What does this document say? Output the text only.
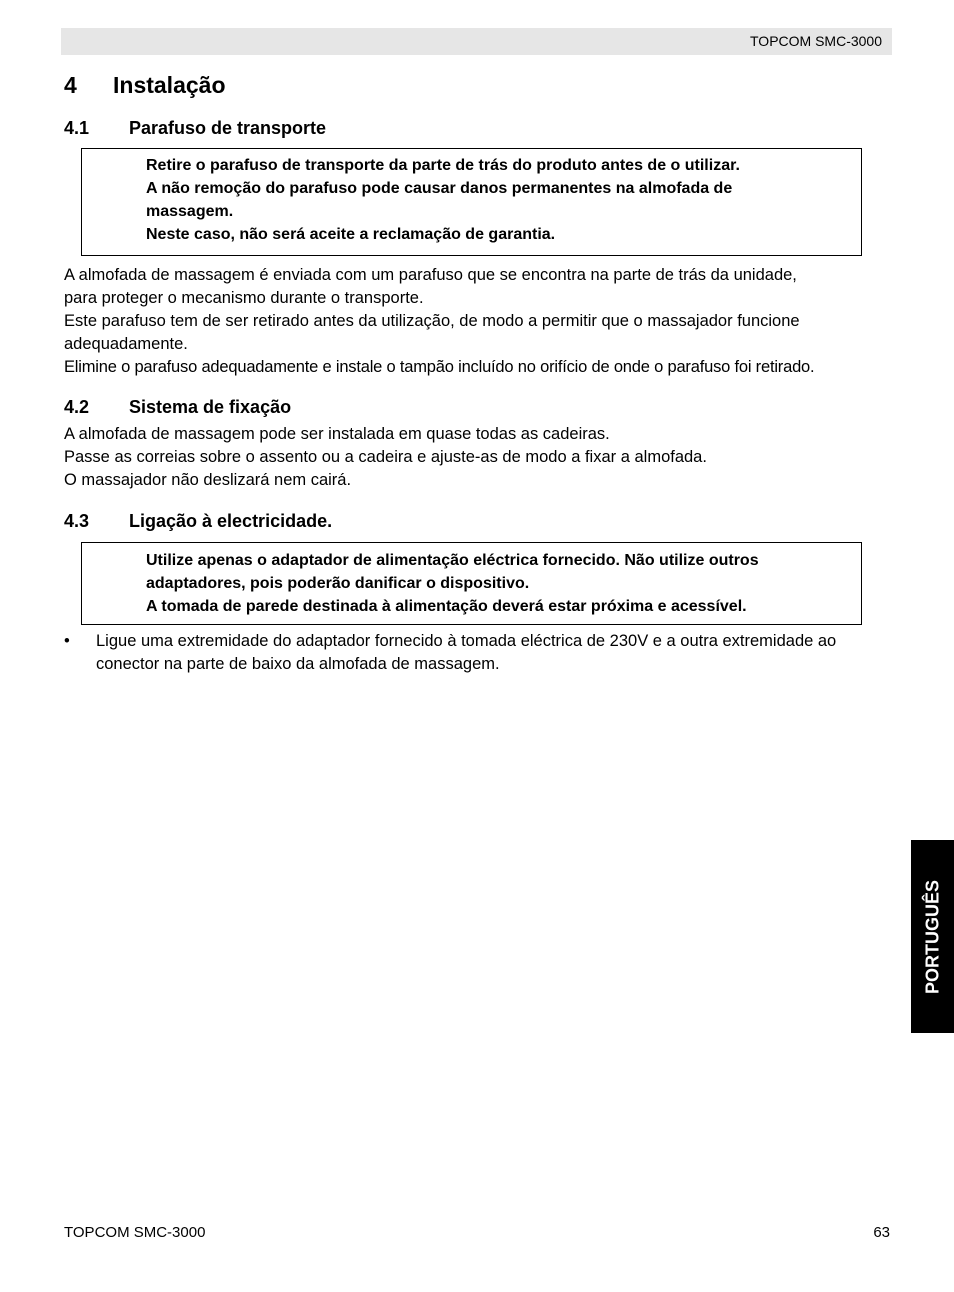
TOPCOM SMC-3000
4 Instalação
4.1 Parafuso de transporte
Retire o parafuso de transporte da parte de trás do produto antes de o utilizar.
A não remoção do parafuso pode causar danos permanentes na almofada de
massagem.
Neste caso, não será aceite a reclamação de garantia.
A almofada de massagem é enviada com um parafuso que se encontra na parte de trás da unidade,
para proteger o mecanismo durante o transporte.
Este parafuso tem de ser retirado antes da utilização, de modo a permitir que o massajador funcione
adequadamente.
Elimine o parafuso adequadamente e instale o tampão incluído no orifício de onde o parafuso foi retirado.
4.2 Sistema de fixação
A almofada de massagem pode ser instalada em quase todas as cadeiras.
Passe as correias sobre o assento ou a cadeira e ajuste-as de modo a fixar a almofada.
O massajador não deslizará nem cairá.
4.3 Ligação à electricidade.
Utilize apenas o adaptador de alimentação eléctrica fornecido. Não utilize outros
adaptadores, pois poderão danificar o dispositivo.
A tomada de parede destinada à alimentação deverá estar próxima e acessível.
• Ligue uma extremidade do adaptador fornecido à tomada eléctrica de 230V e a outra extremidade ao conector na parte de baixo da almofada de massagem.
PORTUGUÊS
TOPCOM SMC-3000	63
